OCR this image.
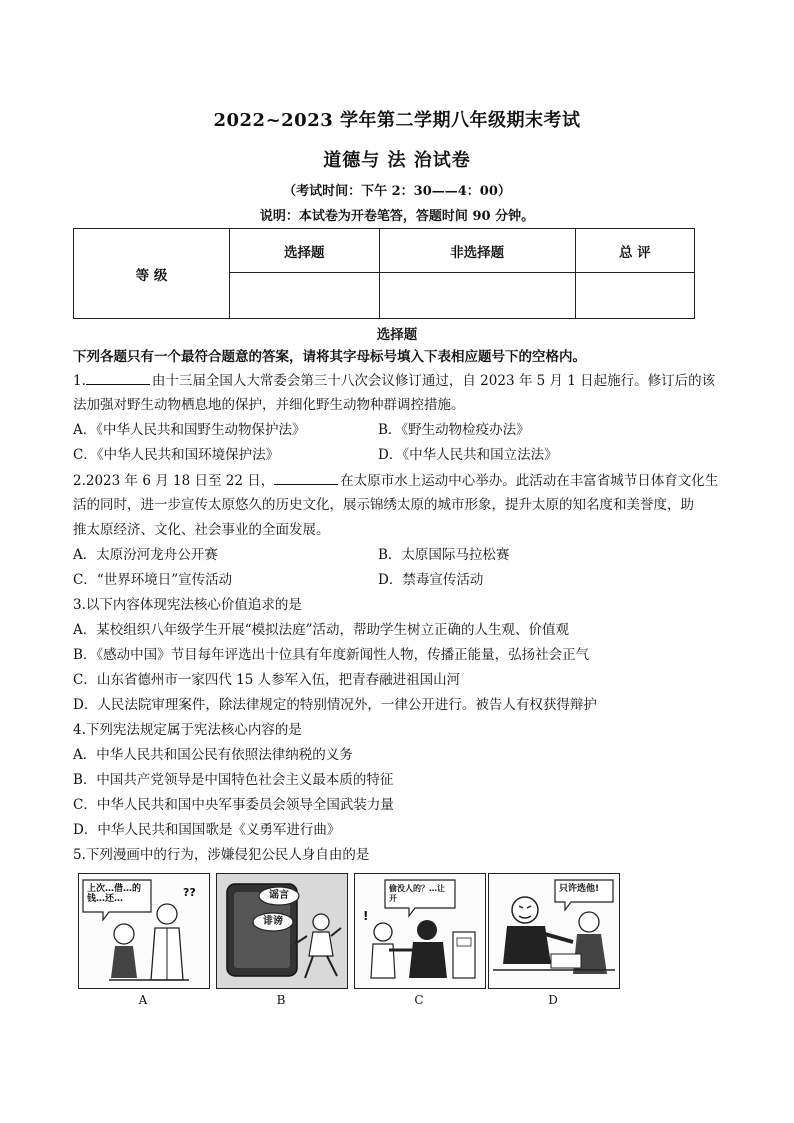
2022~2023 学年第二学期八年级期末考试
道德与 法 治试卷
（考试时间：下午 2：30——4：00）
说明：本试卷为开卷笔答，答题时间 90 分钟。
等 级	选择题	非选择题	总 评

选择题
下列各题只有一个最符合题意的答案，请将其字母标号填入下表相应题号下的空格内。
1.	由十三届全国人大常委会第三十八次会议修订通过，自 2023 年 5 月 1 日起施行。修订后的该
法加强对野生动物栖息地的保护，并细化野生动物种群调控措施。
A．《中华人民共和国野生动物保护法》	B．《野生动物检疫办法》
C．《中华人民共和国环境保护法》	D．《中华人民共和国立法法》
2.2023 年 6 月 18 日至 22 日，	在太原市水上运动中心举办。此活动在丰富省城节日体育文化生
活的同时，进一步宣传太原悠久的历史文化，展示锦绣太原的城市形象，提升太原的知名度和美誉度，助
推太原经济、文化、社会事业的全面发展。
A．太原汾河龙舟公开赛	B．太原国际马拉松赛
C．“世界环境日”宣传活动	D．禁毒宣传活动
3.以下内容体现宪法核心价值追求的是
A．某校组织八年级学生开展“模拟法庭”活动，帮助学生树立正确的人生观、价值观
B．《感动中国》节目每年评选出十位具有年度新闻性人物，传播正能量，弘扬社会正气
C．山东省德州市一家四代 15 人参军入伍，把青春融进祖国山河
D．人民法院审理案件，除法律规定的特别情况外，一律公开进行。被告人有权获得辩护
4.下列宪法规定属于宪法核心内容的是
A．中华人民共和国公民有依照法律纳税的义务
B．中国共产党领导是中国特色社会主义最本质的特征
C．中华人民共和国中央军事委员会领导全国武装力量
D．中华人民共和国国歌是《义勇军进行曲》
5.下列漫画中的行为，涉嫌侵犯公民人身自由的是
??
上次…借…的钱…还…	谣言
诽谤	!
偷没人的？…让开
只许选他!
A	B	C	D
